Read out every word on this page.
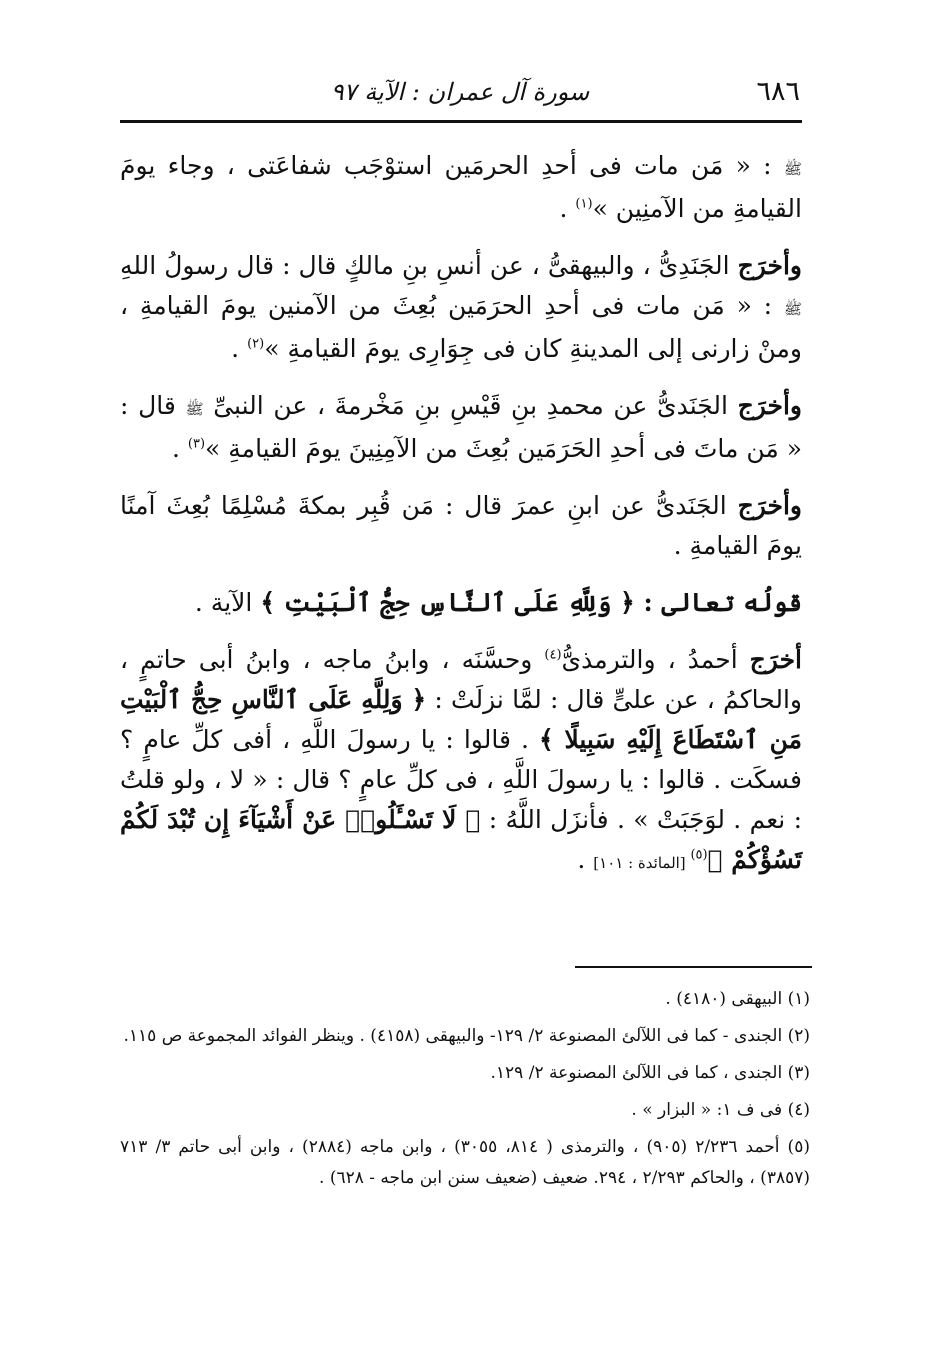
٦٨٦
سورة آل عمران : الآية ٩٧

ﷺ : « مَن مات فى أحدِ الحرمَين استوْجَب شفاعَتى ، وجاء يومَ القيامةِ من الآمنِين »$^{(١)}$ .

وأخرَج الجَنَدِىُّ ، والبيهقىُّ ، عن أنسِ بنِ مالكٍ قال : قال رسولُ اللهِ ﷺ : « مَن مات فى أحدِ الحرَمَين بُعِثَ من الآمنين يومَ القيامةِ ، ومنْ زارنى إلى المدينةِ كان فى جِوَارِى يومَ القيامةِ »$^{(٢)}$ .

وأخرَج الجَنَدىُّ عن محمدِ بنِ قَيْسِ بنِ مَخْرمةَ ، عن النبىِّ ﷺ قال : « مَن ماتَ فى أحدِ الحَرَمَين بُعِثَ من الآمِنِينَ يومَ القيامةِ »$^{(٣)}$ .

وأخرَج الجَنَدىُّ عن ابنِ عمرَ قال : مَن قُبِر بمكةَ مُسْلِمًا بُعِثَ آمنًا يومَ القيامةِ .

قولُه تعالى : ﴿ وَلِلَّهِ عَلَى ٱلنَّاسِ حِجُّ ٱلْبَيْتِ ﴾ الآية .

أخرَج أحمدُ ، والترمذىُّ$^{(٤)}$ وحسَّنَه ، وابنُ ماجه ، وابنُ أبى حاتمٍ ، والحاكمُ ، عن علىٍّ قال : لمَّا نزلَتْ : ﴿ وَلِلَّهِ عَلَى ٱلنَّاسِ حِجُّ ٱلْبَيْتِ مَنِ ٱسْتَطَاعَ إِلَيْهِ سَبِيلًا ﴾ . قالوا : يا رسولَ اللَّهِ ، أفى كلِّ عامٍ ؟ فسكَت . قالوا : يا رسولَ اللَّهِ ، فى كلِّ عامٍ ؟ قال : « لا ، ولو قلتُ : نعم . لوَجَبَتْ » . فأنزَل اللَّهُ : ﴿ لَا تَسْـَٔلُوا۟ عَنْ أَشْيَآءَ إِن تُبْدَ لَكُمْ تَسُؤْكُمْ ﴾$^{(٥)}$ [المائدة : ١٠١] .

(١) البيهقى (٤١٨٠) .

(٢) الجندى - كما فى اللآلئ المصنوعة ٢/ ١٢٩- والبيهقى (٤١٥٨) . وينظر الفوائد المجموعة ص ١١٥.

(٣) الجندى ، كما فى اللآلئ المصنوعة ٢/ ١٢٩.

(٤) فى ف ١: « البزار » .

(٥) أحمد ٢/٢٣٦ (٩٠٥) ، والترمذى ( ٨١٤، ٣٠٥٥) ، وابن ماجه (٢٨٨٤) ، وابن أبى حاتم ٣/ ٧١٣ (٣٨٥٧) ، والحاكم ٢/٢٩٣ ، ٢٩٤. ضعيف (ضعيف سنن ابن ماجه - ٦٢٨) .
